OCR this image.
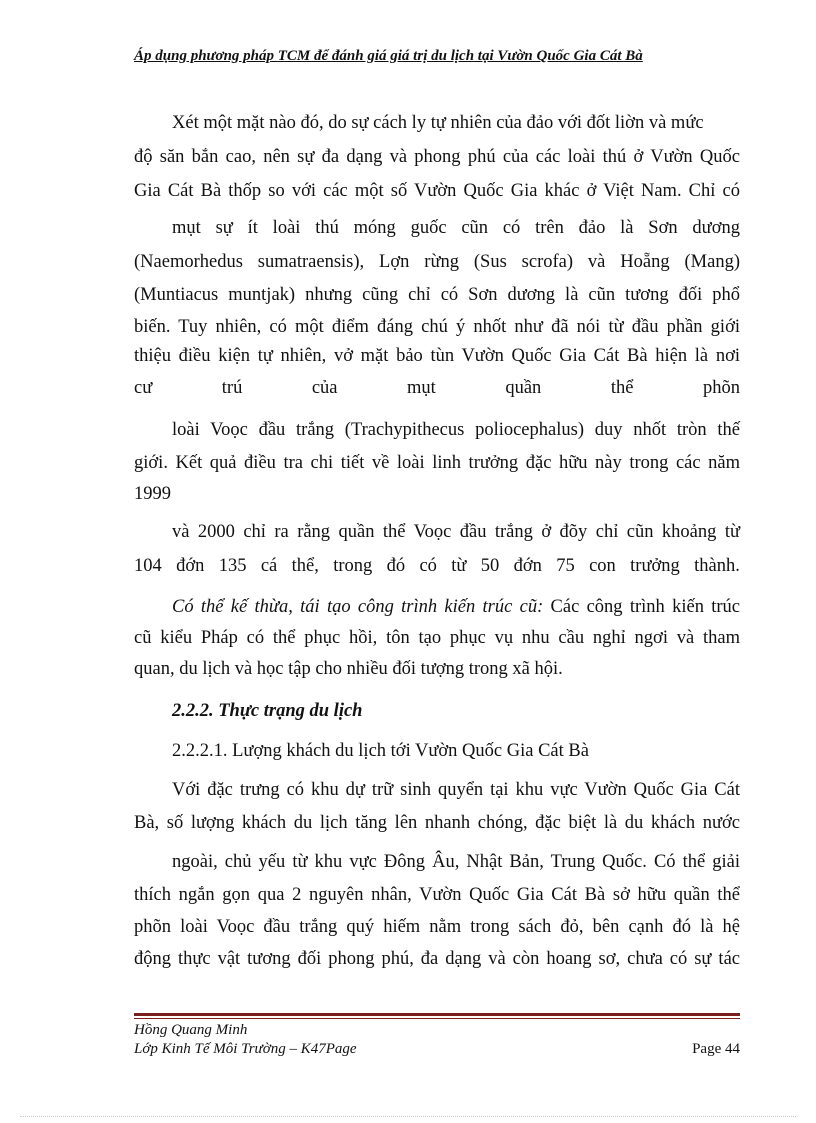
Áp dụng phương pháp TCM để đánh giá giá trị du lịch tại Vườn Quốc Gia Cát Bà
Xét một mặt nào đó, do sự cách ly tự nhiên của đảo với đốt liờn và mức
độ săn bắn cao, nên sự đa dạng và phong phú của các loài thú ở Vườn Quốc
Gia Cát Bà thốp so với các một số Vườn Quốc Gia khác ở Việt Nam. Chỉ có
mụt sự ít loài thú móng guốc cũn có trên đảo là Sơn dương
(Naemorhedus sumatraensis), Lợn rừng (Sus scrofa) và Hoẵng (Mang)
(Muntiacus muntjak) nhưng cũng chỉ có Sơn dương là cũn tương đối phổ
biến. Tuy nhiên, có một điểm đáng chú ý nhốt như đã nói từ đầu phần giới
thiệu điều kiện tự nhiên, vở mặt bảo tùn Vườn Quốc Gia Cát Bà hiện là nơi
cư	trú	của	mụt	quần	thể	phõn
loài Voọc đầu trắng (Trachypithecus poliocephalus) duy nhốt tròn thế
giới. Kết quả điều tra chi tiết về loài linh trưởng đặc hữu này trong các năm
1999
và 2000 chỉ ra rằng quần thể Voọc đầu trắng ở đõy chỉ cũn khoảng từ
104 đớn 135 cá thể, trong đó có từ 50 đớn 75 con trưởng thành.
Có thể kế thừa, tái tạo công trình kiến trúc cũ: Các công trình kiến trúc
cũ kiểu Pháp có thể phục hồi, tôn tạo phục vụ nhu cầu nghỉ ngơi và tham
quan, du lịch và học tập cho nhiều đối tượng trong xã hội.
2.2.2. Thực trạng du lịch
2.2.2.1. Lượng khách du lịch tới Vườn Quốc Gia Cát Bà
Với đặc trưng có khu dự trữ sinh quyển tại khu vực Vườn Quốc Gia Cát
Bà, số lượng khách du lịch tăng lên nhanh chóng, đặc biệt là du khách nước
ngoài, chủ yếu từ khu vực Đông Âu, Nhật Bản, Trung Quốc. Có thể giải
thích ngắn gọn qua 2 nguyên nhân, Vườn Quốc Gia Cát Bà sở hữu quần thể
phõn loài Voọc đầu trắng quý hiếm nằm trong sách đỏ, bên cạnh đó là hệ
động thực vật tương đối phong phú, đa dạng và còn hoang sơ, chưa có sự tác
Hồng Quang Minh
Lớp Kinh Tế Môi Trường – K47Page	Page 44
